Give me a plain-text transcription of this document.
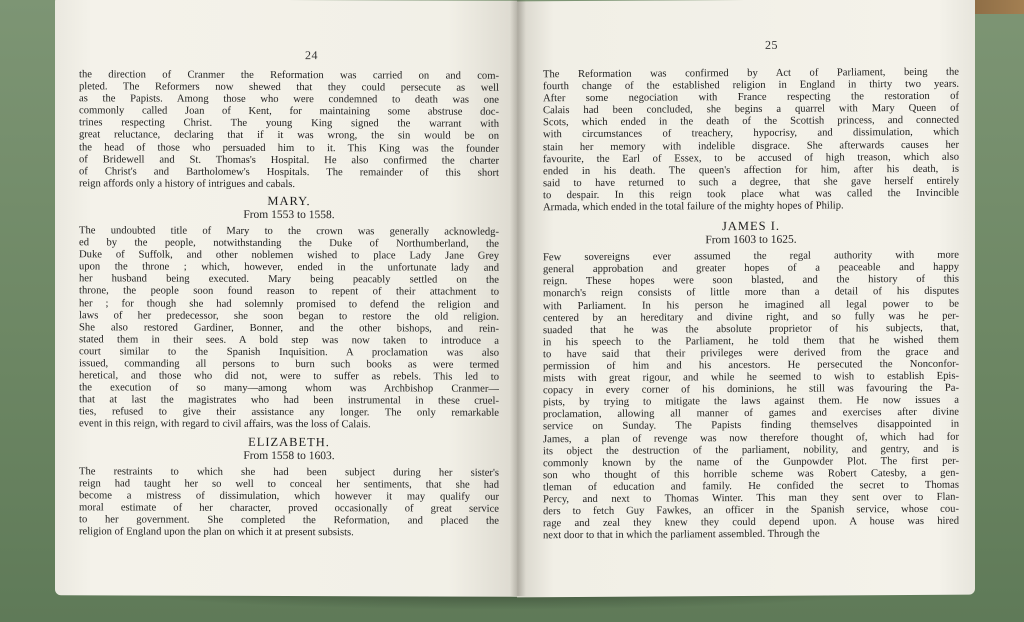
24
the direction of Cranmer the Reformation was carried on and com-
pleted. The Reformers now shewed that they could persecute as well
as the Papists. Among those who were condemned to death was one
commonly called Joan of Kent, for maintaining some abstruse doc-
trines respecting Christ. The young King signed the warrant with
great reluctance, declaring that if it was wrong, the sin would be on
the head of those who persuaded him to it. This King was the founder
of Bridewell and St. Thomas's Hospital. He also confirmed the charter
of Christ's and Bartholomew's Hospitals. The remainder of this short
reign affords only a history of intrigues and cabals.
MARY.
From 1553 to 1558.
The undoubted title of Mary to the crown was generally acknowledg-
ed by the people, notwithstanding the Duke of Northumberland, the
Duke of Suffolk, and other noblemen wished to place Lady Jane Grey
upon the throne ; which, however, ended in the unfortunate lady and
her husband being executed. Mary being peacably settled on the
throne, the people soon found reason to repent of their attachment to
her ; for though she had solemnly promised to defend the religion and
laws of her predecessor, she soon began to restore the old religion.
She also restored Gardiner, Bonner, and the other bishops, and rein-
stated them in their sees. A bold step was now taken to introduce a
court similar to the Spanish Inquisition. A proclamation was also
issued, commanding all persons to burn such books as were termed
heretical, and those who did not, were to suffer as rebels. This led to
the execution of so many—among whom was Archbishop Cranmer—
that at last the magistrates who had been instrumental in these cruel-
ties, refused to give their assistance any longer. The only remarkable
event in this reign, with regard to civil affairs, was the loss of Calais.
ELIZABETH.
From 1558 to 1603.
The restraints to which she had been subject during her sister's
reign had taught her so well to conceal her sentiments, that she had
become a mistress of dissimulation, which however it may qualify our
moral estimate of her character, proved occasionally of great service
to her government. She completed the Reformation, and placed the
religion of England upon the plan on which it at present subsists.
25
The Reformation was confirmed by Act of Parliament, being the
fourth change of the established religion in England in thirty two years.
After some negociation with France respecting the restoration of
Calais had been concluded, she begins a quarrel with Mary Queen of
Scots, which ended in the death of the Scottish princess, and connected
with circumstances of treachery, hypocrisy, and dissimulation, which
stain her memory with indelible disgrace. She afterwards causes her
favourite, the Earl of Essex, to be accused of high treason, which also
ended in his death. The queen's affection for him, after his death, is
said to have returned to such a degree, that she gave herself entirely
to despair. In this reign took place what was called the Invincible
Armada, which ended in the total failure of the mighty hopes of Philip.
JAMES I.
From 1603 to 1625.
Few sovereigns ever assumed the regal authority with more
general approbation and greater hopes of a peaceable and happy
reign. These hopes were soon blasted, and the history of this
monarch's reign consists of little more than a detail of his disputes
with Parliament. In his person he imagined all legal power to be
centered by an hereditary and divine right, and so fully was he per-
suaded that he was the absolute proprietor of his subjects, that,
in his speech to the Parliament, he told them that he wished them
to have said that their privileges were derived from the grace and
permission of him and his ancestors. He persecuted the Nonconfor-
mists with great rigour, and while he seemed to wish to establish Epis-
copacy in every corner of his dominions, he still was favouring the Pa-
pists, by trying to mitigate the laws against them. He now issues a
proclamation, allowing all manner of games and exercises after divine
service on Sunday. The Papists finding themselves disappointed in
James, a plan of revenge was now therefore thought of, which had for
its object the destruction of the parliament, nobility, and gentry, and is
commonly known by the name of the Gunpowder Plot. The first per-
son who thought of this horrible scheme was Robert Catesby, a gen-
tleman of education and family. He confided the secret to Thomas
Percy, and next to Thomas Winter. This man they sent over to Flan-
ders to fetch Guy Fawkes, an officer in the Spanish service, whose cou-
rage and zeal they knew they could depend upon. A house was hired
next door to that in which the parliament assembled. Through the
